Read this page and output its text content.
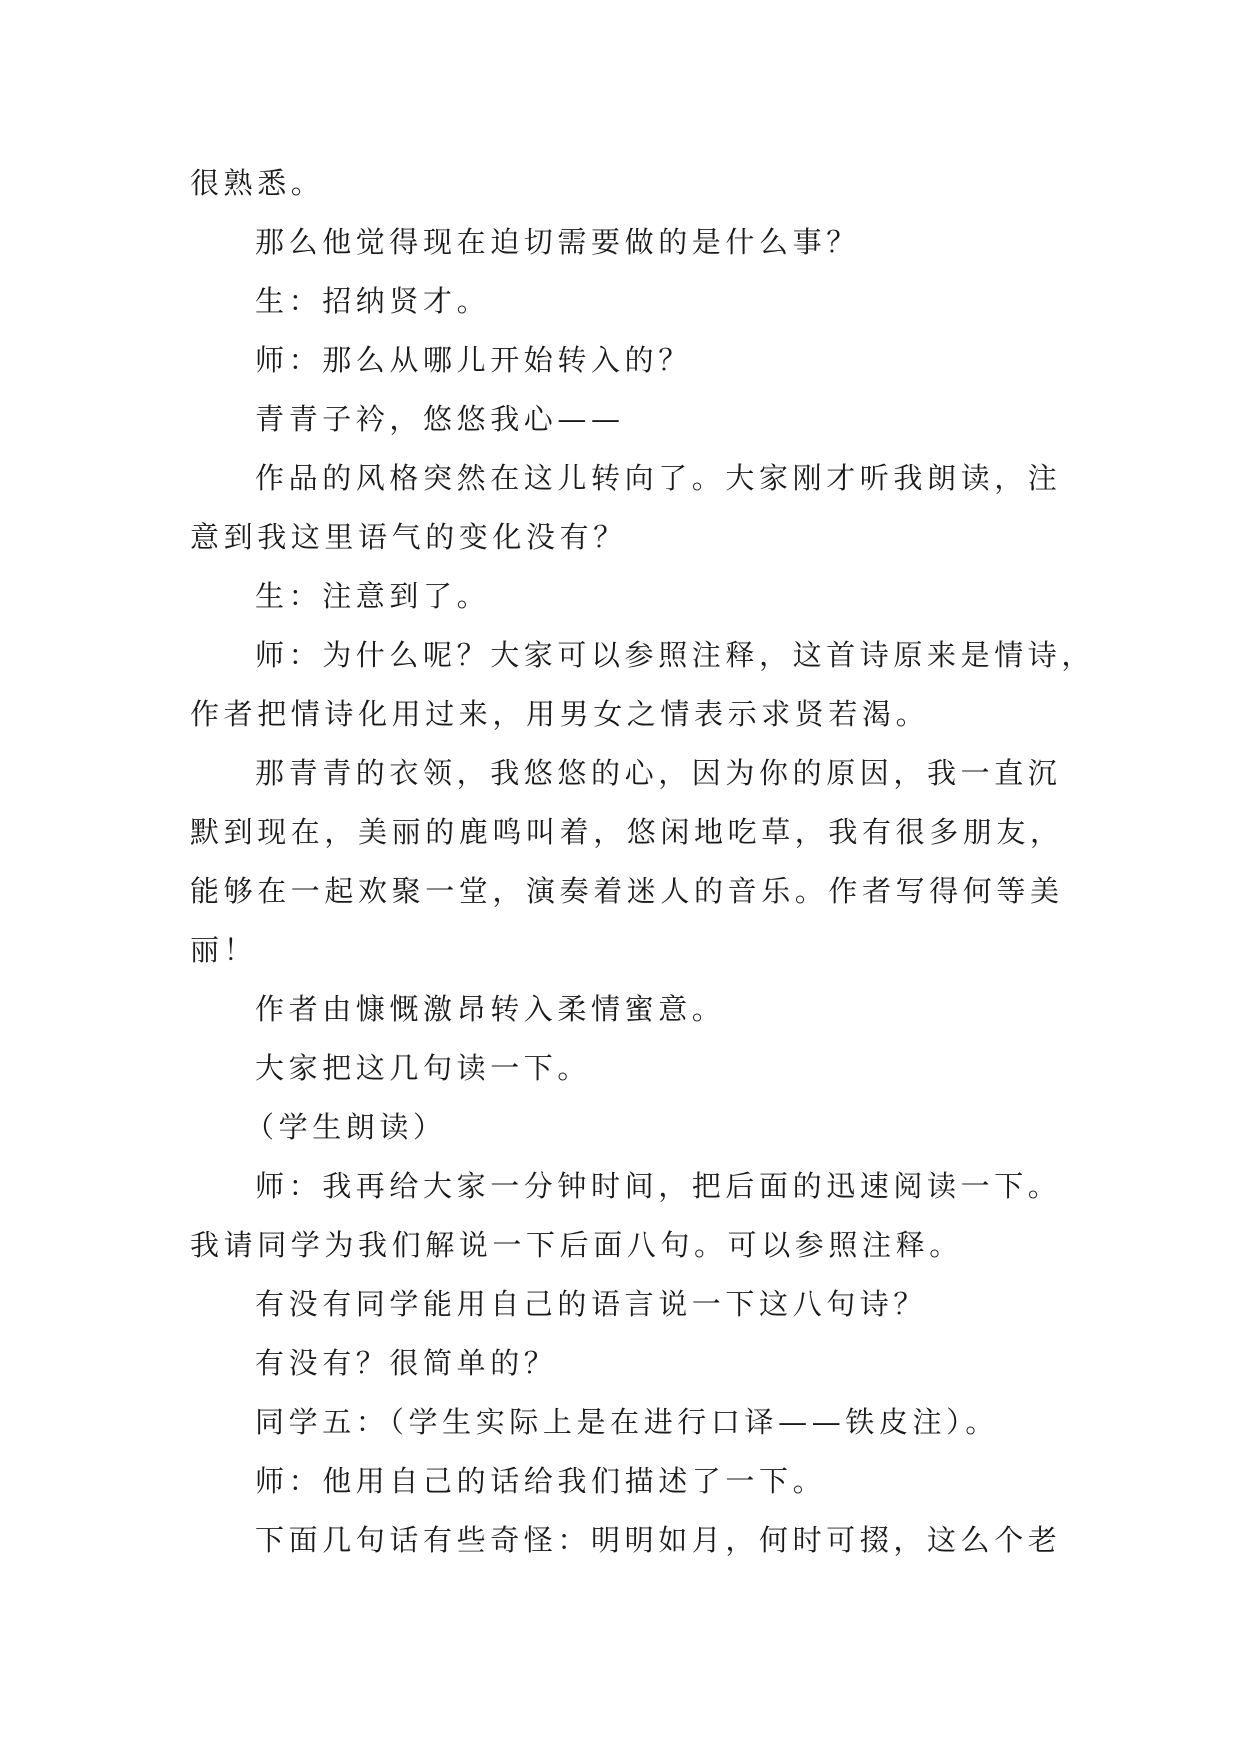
很熟悉。
那么他觉得现在迫切需要做的是什么事？
生：招纳贤才。
师：那么从哪儿开始转入的？
青青子衿，悠悠我心——
作品的风格突然在这儿转向了。大家刚才听我朗读，注
意到我这里语气的变化没有？
生：注意到了。
师：为什么呢？大家可以参照注释，这首诗原来是情诗，
作者把情诗化用过来，用男女之情表示求贤若渴。
那青青的衣领，我悠悠的心，因为你的原因，我一直沉
默到现在，美丽的鹿鸣叫着，悠闲地吃草，我有很多朋友，
能够在一起欢聚一堂，演奏着迷人的音乐。作者写得何等美
丽！
作者由慷慨激昂转入柔情蜜意。
大家把这几句读一下。
（学生朗读）
师：我再给大家一分钟时间，把后面的迅速阅读一下。
我请同学为我们解说一下后面八句。可以参照注释。
有没有同学能用自己的语言说一下这八句诗？
有没有？很简单的？
同学五：（学生实际上是在进行口译——铁皮注）。
师：他用自己的话给我们描述了一下。
下面几句话有些奇怪：明明如月，何时可掇，这么个老
